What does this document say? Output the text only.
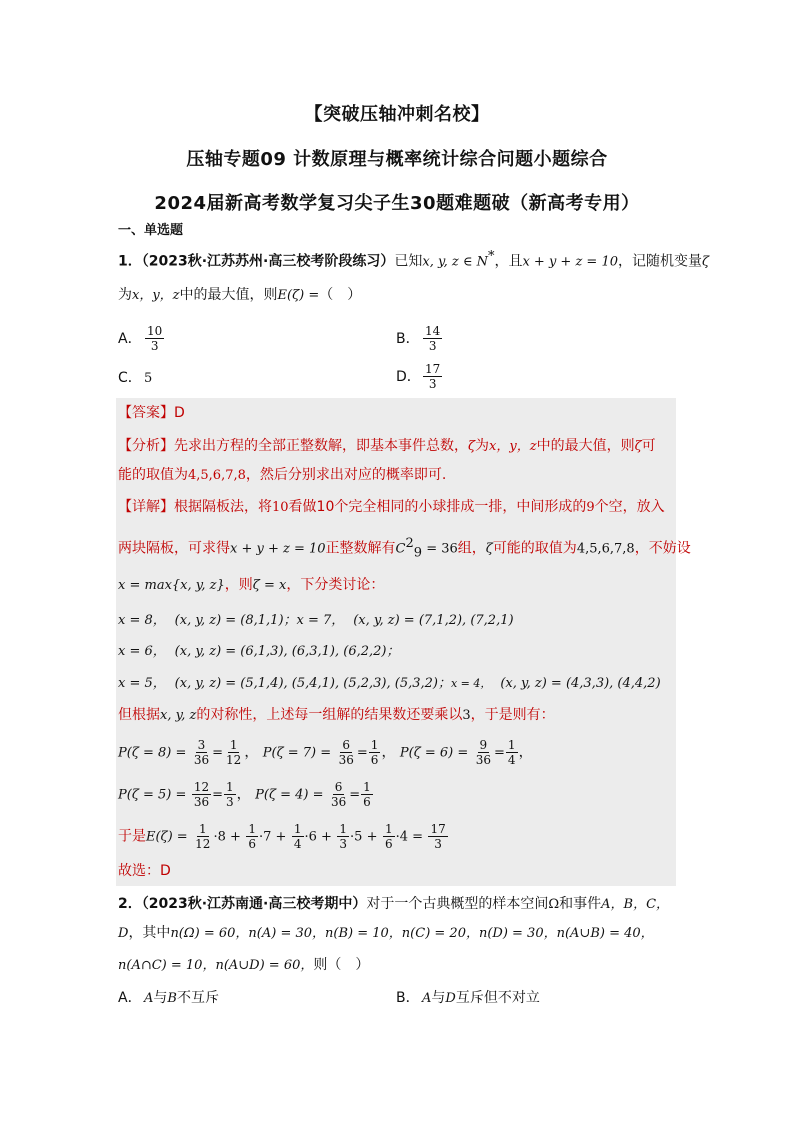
【突破压轴冲刺名校】
压轴专题09 计数原理与概率统计综合问题小题综合
2024届新高考数学复习尖子生30题难题破（新高考专用）
一、单选题
1．（2023秋·江苏苏州·高三校考阶段练习）已知x, y, z ∈ N*，且x + y + z = 10，记随机变量ζ
为x，y，z中的最大值，则E(ζ) =（　）
A． $\frac{10}{3}$	B． $\frac{14}{3}$
C． 5	D． $\frac{17}{3}$
【答案】D
【分析】先求出方程的全部正整数解，即基本事件总数，ζ为x，y，z中的最大值，则ζ可
能的取值为4,5,6,7,8，然后分别求出对应的概率即可.
【详解】根据隔板法，将10看做10个完全相同的小球排成一排，中间形成的9个空，放入
两块隔板，可求得x + y + z = 10正整数解有$C^2_9 = 36$组，ζ可能的取值为4,5,6,7,8，不妨设
x = max{x, y, z}，则ζ = x，下分类讨论：
x = 8， (x, y, z) = (8,1,1)；x = 7， (x, y, z) = (7,1,2), (7,2,1)
x = 6， (x, y, z) = (6,1,3), (6,3,1), (6,2,2)；
x = 5， (x, y, z) = (5,1,4), (5,4,1), (5,2,3), (5,3,2)；x = 4， (x, y, z) = (4,3,3), (4,4,2)
但根据x, y, z的对称性，上述每一组解的结果数还要乘以3，于是则有：
$P(\zeta = 8) = \frac{3}{36} = \frac{1}{12}$ ， $P(\zeta = 7) = \frac{6}{36} = \frac{1}{6}$ ， $P(\zeta = 6) = \frac{9}{36} = \frac{1}{4}$ ，
$P(\zeta = 5) = \frac{12}{36} = \frac{1}{3}$ ， $P(\zeta = 4) = \frac{6}{36} = \frac{1}{6}$
于是$E(\zeta) = \frac{1}{12} \cdot 8 + \frac{1}{6} \cdot 7 + \frac{1}{4} \cdot 6 + \frac{1}{3} \cdot 5 + \frac{1}{6} \cdot 4 = \frac{17}{3}$
故选：D
2．（2023秋·江苏南通·高三校考期中）对于一个古典概型的样本空间Ω和事件A，B，C，
D，其中n(Ω) = 60，n(A) = 30，n(B) = 10，n(C) = 20，n(D) = 30，n(A∪B) = 40，
n(A∩C) = 10，n(A∪D) = 60，则（　）
A． A与B不互斥	B． A与D互斥但不对立
